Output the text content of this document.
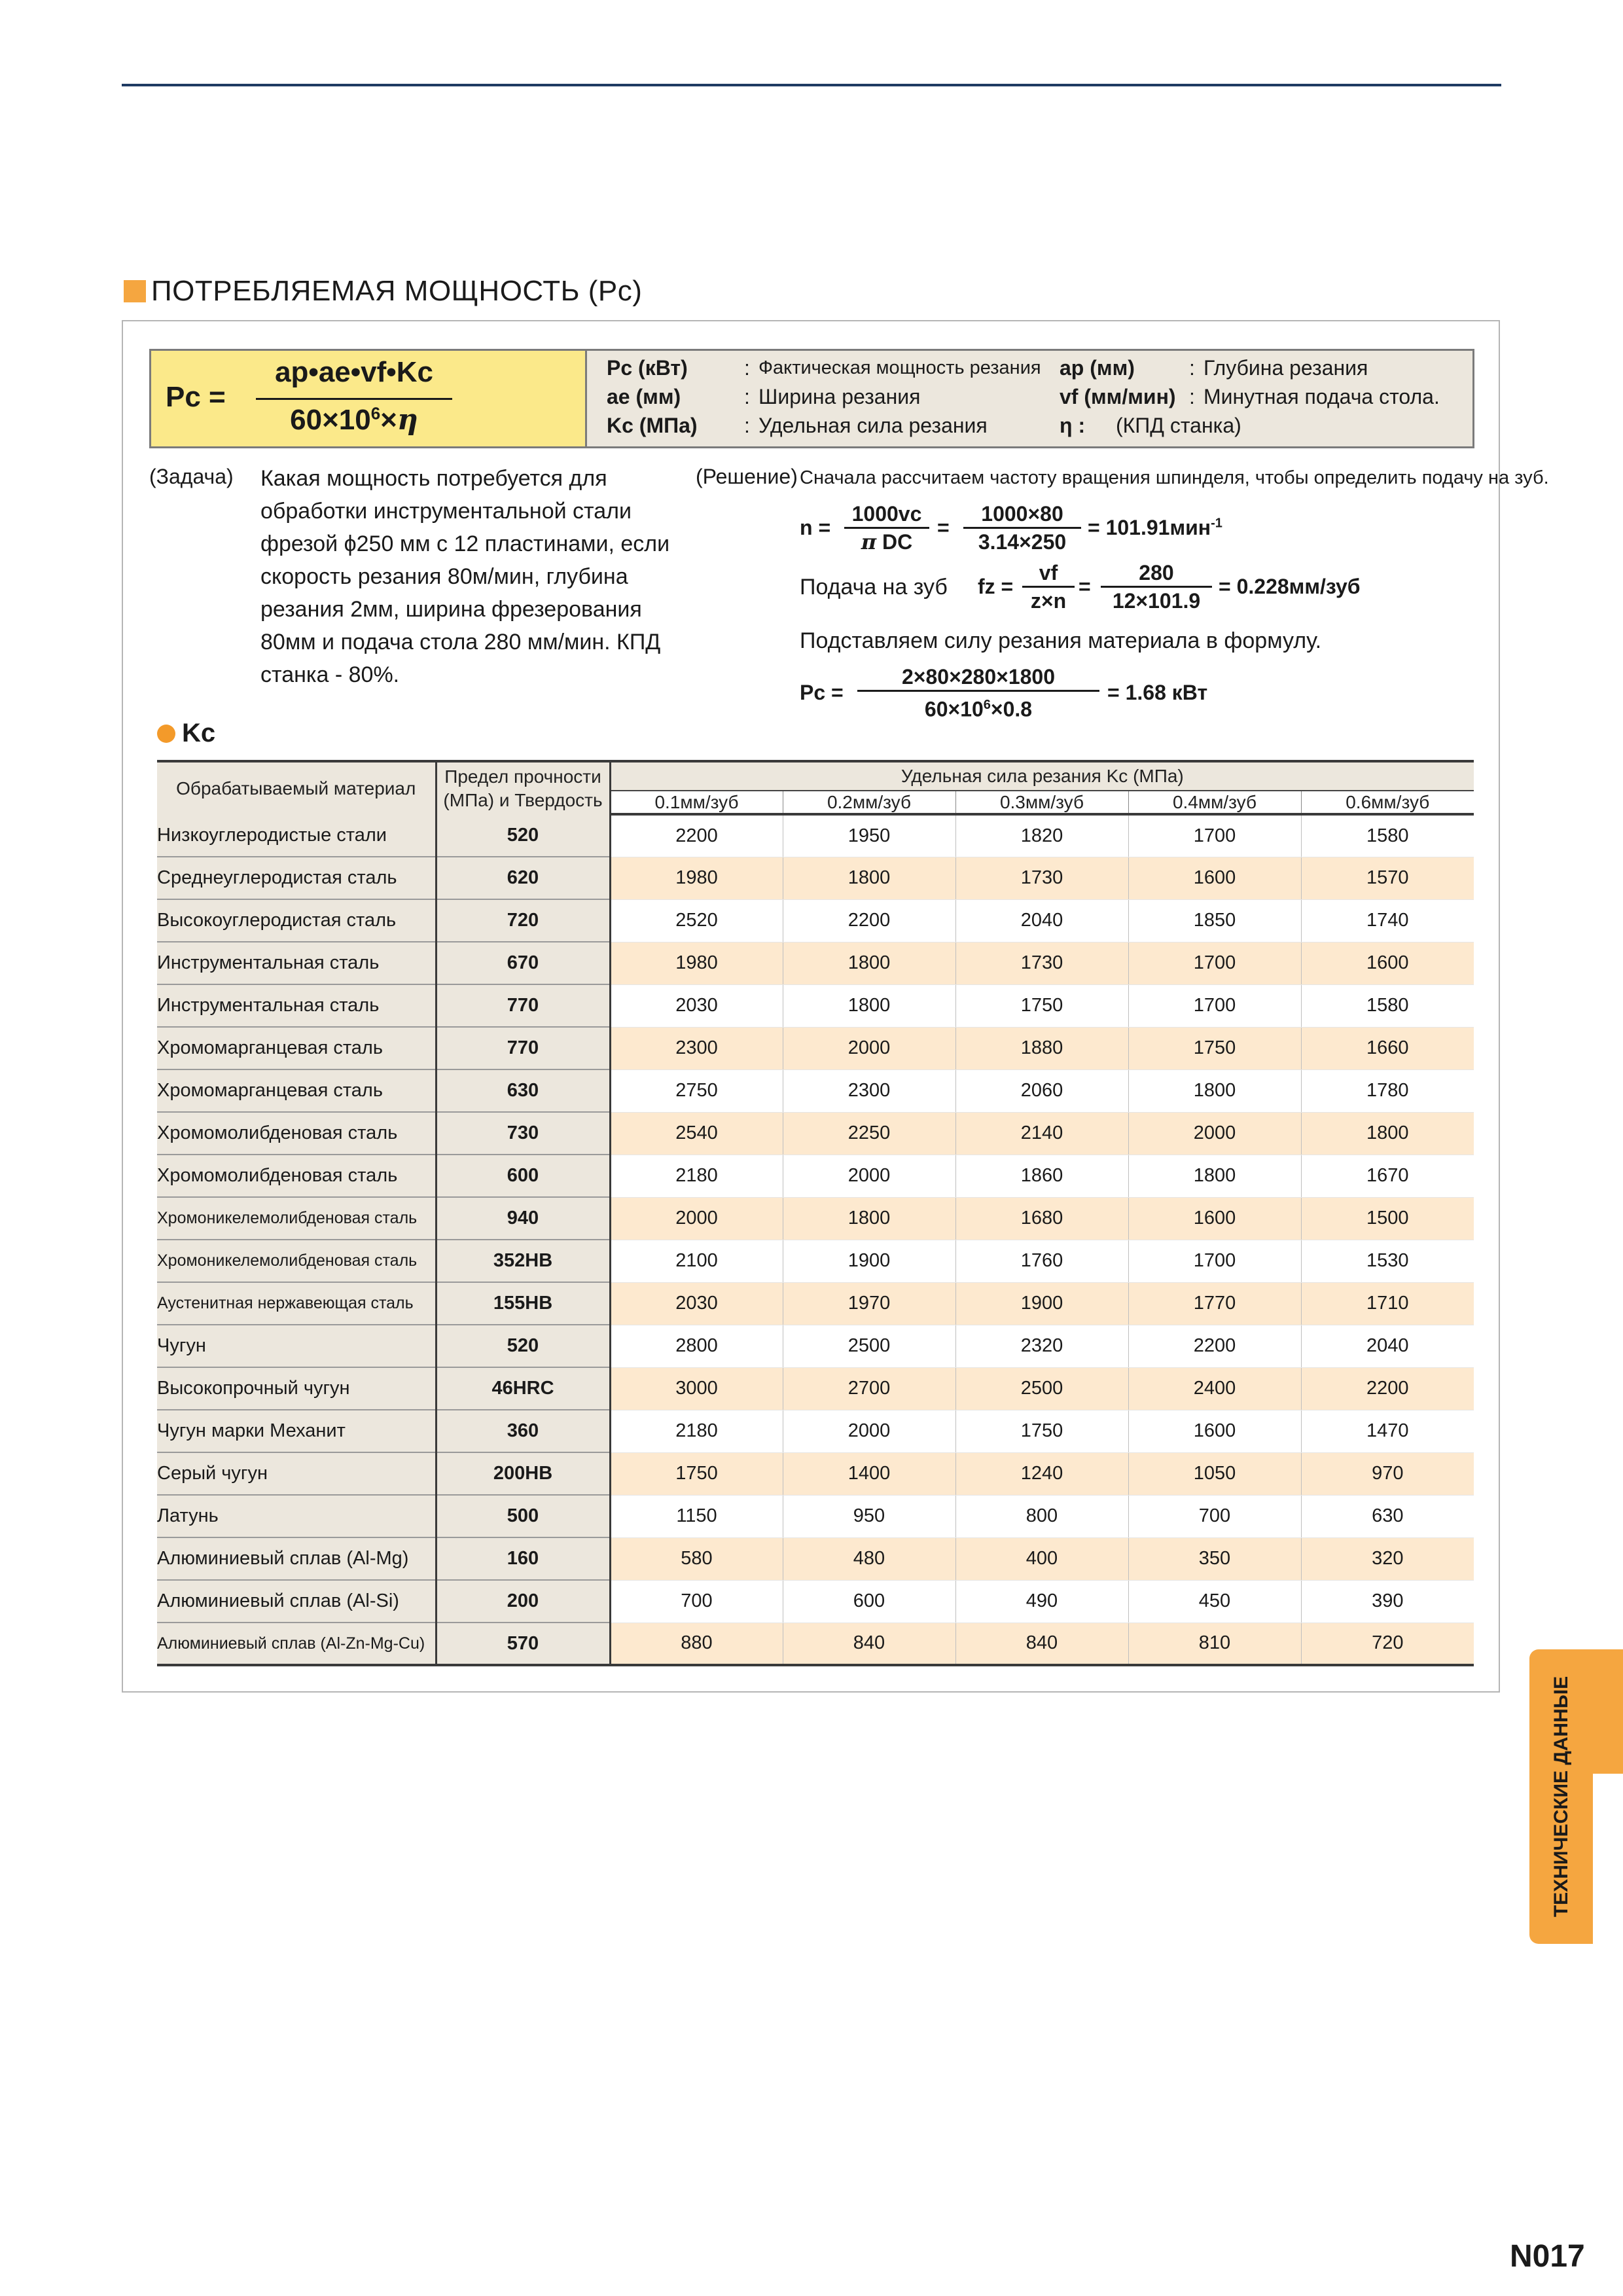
ПОТРЕБЛЯЕМАЯ МОЩНОСТЬ (Pc)
Pc =
ap•ae•vf•Kc
$60\times 10^6\times\eta$
Pc (кВт)	: Фактическая мощность резания
ae (мм)	: Ширина резания
Kc (МПа) : Удельная сила резания
ap (мм)	: Глубина резания
vf (мм/мин) : Минутная подача стола.
η : (КПД станка)
(Задача) Какая мощность потребуется для обработки инструментальной стали фрезой ϕ250 мм с 12 пластинами, если скорость резания 80м/мин, глубина резания 2мм, ширина фрезерования 80мм и подача стола 280 мм/мин. КПД станка - 80%.
(Решение) Сначала рассчитаем частоту вращения шпинделя, чтобы определить подачу на зуб.
n =
1000vc
π DC
=
1000×80
3.14×250
= 101.91мин$^{-1}$
Подача на зуб fz =
vf
z×n
=
280
12×101.9
= 0.228мм/зуб
Подставляем силу резания материала в формулу.
Pc =
2×80×280×1800
$60\times 10^6\times 0.8$
= 1.68 кВт
Kc
Обрабатываемый материал	Предел прочности
(МПа) и Твердость	Удельная сила резания Kc (МПа)				
		0.1мм/зуб	0.2мм/зуб	0.3мм/зуб	0.4мм/зуб	0.6мм/зуб
Низкоуглеродистые стали	520	2200	1950	1820	1700	1580
Среднеуглеродистая сталь	620	1980	1800	1730	1600	1570
Высокоуглеродистая сталь	720	2520	2200	2040	1850	1740
Инструментальная сталь	670	1980	1800	1730	1700	1600
Инструментальная сталь	770	2030	1800	1750	1700	1580
Хромомарганцевая сталь	770	2300	2000	1880	1750	1660
Хромомарганцевая сталь	630	2750	2300	2060	1800	1780
Хромомолибденовая сталь	730	2540	2250	2140	2000	1800
Хромомолибденовая сталь	600	2180	2000	1860	1800	1670
Хромоникелемолибденовая сталь	940	2000	1800	1680	1600	1500
Хромоникелемолибденовая сталь	352HB	2100	1900	1760	1700	1530
Аустенитная нержавеющая сталь	155HB	2030	1970	1900	1770	1710
Чугун	520	2800	2500	2320	2200	2040
Высокопрочный чугун	46HRC	3000	2700	2500	2400	2200
Чугун марки Механит	360	2180	2000	1750	1600	1470
Серый чугун	200HB	1750	1400	1240	1050	970
Латунь	500	1150	950	800	700	630
Алюминиевый сплав (Al-Mg)	160	580	480	400	350	320
Алюминиевый сплав (Al-Si)	200	700	600	490	450	390
Алюминиевый сплав (Al-Zn-Mg-Cu)	570	880	840	840	810	720
ТЕХНИЧЕСКИЕ ДАННЫЕ
N017
